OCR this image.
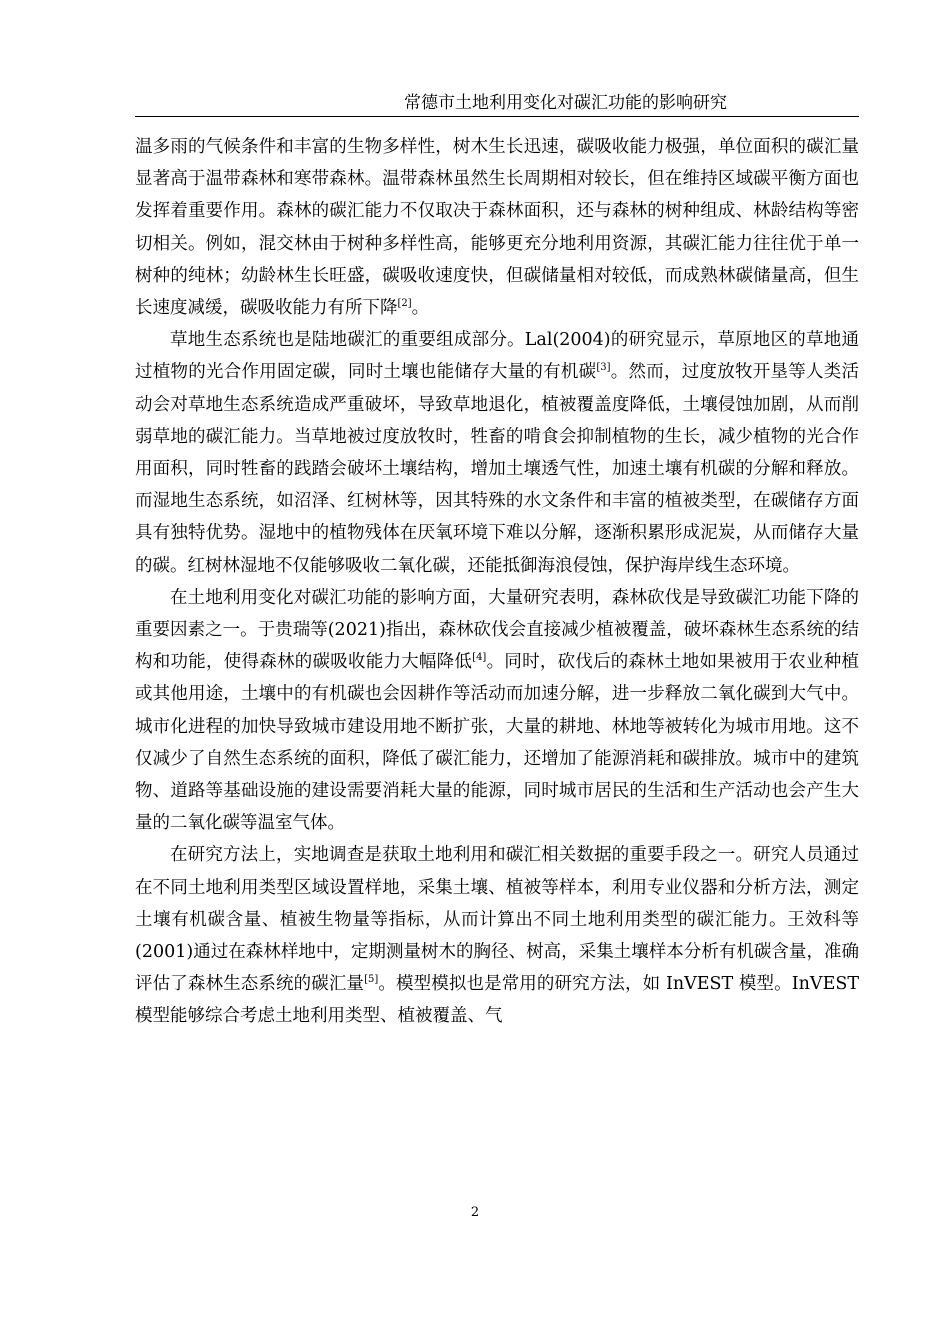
常德市土地利用变化对碳汇功能的影响研究

温多雨的气候条件和丰富的生物多样性，树木生长迅速，碳吸收能力极强，单位面积的碳汇量显著高于温带森林和寒带森林。温带森林虽然生长周期相对较长，但在维持区域碳平衡方面也发挥着重要作用。森林的碳汇能力不仅取决于森林面积，还与森林的树种组成、林龄结构等密切相关。例如，混交林由于树种多样性高，能够更充分地利用资源，其碳汇能力往往优于单一树种的纯林；幼龄林生长旺盛，碳吸收速度快，但碳储量相对较低，而成熟林碳储量高，但生长速度减缓，碳吸收能力有所下降[2]。

草地生态系统也是陆地碳汇的重要组成部分。Lal(2004)的研究显示，草原地区的草地通过植物的光合作用固定碳，同时土壤也能储存大量的有机碳[3]。然而，过度放牧开垦等人类活动会对草地生态系统造成严重破坏，导致草地退化，植被覆盖度降低，土壤侵蚀加剧，从而削弱草地的碳汇能力。当草地被过度放牧时，牲畜的啃食会抑制植物的生长，减少植物的光合作用面积，同时牲畜的践踏会破坏土壤结构，增加土壤透气性，加速土壤有机碳的分解和释放。而湿地生态系统，如沼泽、红树林等，因其特殊的水文条件和丰富的植被类型，在碳储存方面具有独特优势。湿地中的植物残体在厌氧环境下难以分解，逐渐积累形成泥炭，从而储存大量的碳。红树林湿地不仅能够吸收二氧化碳，还能抵御海浪侵蚀，保护海岸线生态环境。

在土地利用变化对碳汇功能的影响方面，大量研究表明，森林砍伐是导致碳汇功能下降的重要因素之一。于贵瑞等(2021)指出，森林砍伐会直接减少植被覆盖，破坏森林生态系统的结构和功能，使得森林的碳吸收能力大幅降低[4]。同时，砍伐后的森林土地如果被用于农业种植或其他用途，土壤中的有机碳也会因耕作等活动而加速分解，进一步释放二氧化碳到大气中。城市化进程的加快导致城市建设用地不断扩张，大量的耕地、林地等被转化为城市用地。这不仅减少了自然生态系统的面积，降低了碳汇能力，还增加了能源消耗和碳排放。城市中的建筑物、道路等基础设施的建设需要消耗大量的能源，同时城市居民的生活和生产活动也会产生大量的二氧化碳等温室气体。

在研究方法上，实地调查是获取土地利用和碳汇相关数据的重要手段之一。研究人员通过在不同土地利用类型区域设置样地，采集土壤、植被等样本，利用专业仪器和分析方法，测定土壤有机碳含量、植被生物量等指标，从而计算出不同土地利用类型的碳汇能力。王效科等(2001)通过在森林样地中，定期测量树木的胸径、树高，采集土壤样本分析有机碳含量，准确评估了森林生态系统的碳汇量[5]。模型模拟也是常用的研究方法，如 InVEST 模型。InVEST 模型能够综合考虑土地利用类型、植被覆盖、气

2
